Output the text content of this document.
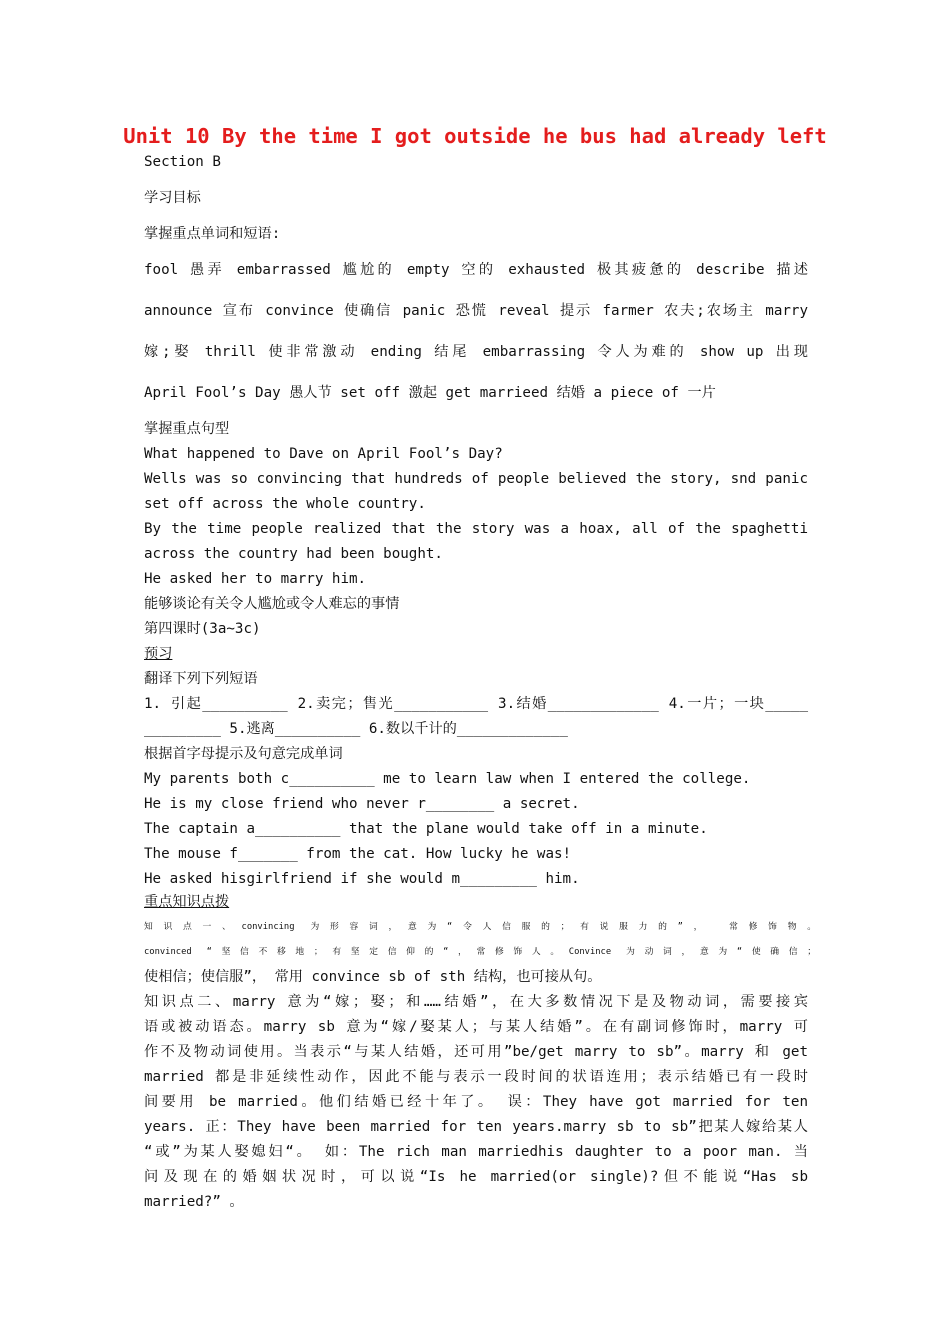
Unit 10 By the time I got outside he bus had already left
Section B
学习目标
掌握重点单词和短语:
fool 愚弄 embarrassed 尴尬的 empty 空的 exhausted 极其疲惫的 describe 描述
announce 宣布 convince 使确信 panic 恐慌 reveal 提示 farmer 农夫;农场主 marry
嫁;娶 thrill 使非常激动 ending 结尾 embarrassing 令人为难的 show up 出现
April Fool’s Day 愚人节 set off 激起 get marrieed 结婚 a piece of 一片
掌握重点句型
What happened to Dave on April Fool’s Day?
Wells was so convincing that hundreds of people believed the story, snd panic
set off across the whole country.
By the time people realized that the story was a hoax, all of the spaghetti
across the country had been bought.
He asked her to marry him.
能够谈论有关令人尴尬或令人难忘的事情
第四课时(3a~3c)
预习
翻译下列下列短语
1. 引起__________ 2.卖完；售光___________ 3.结婚_____________ 4.一片；一块_____
_________ 5.逃离__________ 6.数以千计的_____________
根据首字母提示及句意完成单词
My parents both c__________ me to learn law when I entered the college.
He is my close friend who never r________ a secret.
The captain a__________ that the plane would take off in a minute.
The mouse f_______ from the cat. How lucky he was!
He asked hisgirlfriend if she would m_________ him.
重点知识点拨
知识点一、convincing 为形容词，意为“令人信服的；有说服力的”， 常修饰物。
convinced “坚信不移地；有坚定信仰的“，常修饰人。Convince 为动词，意为“使确信；
使相信；使信服”， 常用 convince sb of sth 结构，也可接从句。
知识点二、marry 意为“嫁；娶；和……结婚”，在大多数情况下是及物动词，需要接宾
语或被动语态。marry sb 意为“嫁/娶某人；与某人结婚”。在有副词修饰时，marry 可
作不及物动词使用。当表示“与某人结婚，还可用”be/get marry to sb”。marry 和 get
married 都是非延续性动作，因此不能与表示一段时间的状语连用；表示结婚已有一段时
间要用 be married。他们结婚已经十年了。 误：They have got married for ten
years. 正：They have been married for ten years.marry sb to sb”把某人嫁给某人
“或”为某人娶媳妇“。 如：The rich man marriedhis daughter to a poor man. 当
问及现在的婚姻状况时，可以说“Is he married(or single)?但不能说“Has sb
married?” 。
